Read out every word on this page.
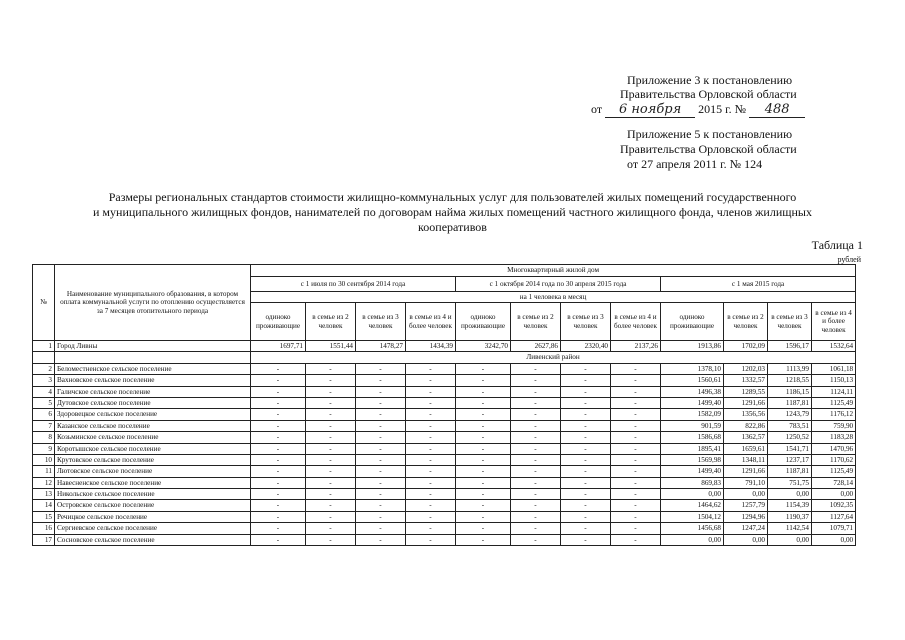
Приложение 3 к постановлению
Правительства Орловской области
от 6 ноября 2015 г. № 488
Приложение 5 к постановлению
Правительства Орловской области
от 27 апреля 2011 г. № 124
Размеры региональных стандартов стоимости жилищно-коммунальных услуг для пользователей жилых помещений государственного
и муниципального жилищных фондов, нанимателей по договорам найма жилых помещений частного жилищного фонда, членов жилищных
кооперативов
Таблица 1
рублей
№	Наименование муниципального образования, в котором оплата коммунальной услуги по отоплению осуществляется за 7 месяцев отопительного периода	Многоквартирный жилой дом											
		с 1 июля по 30 сентября 2014 года				с 1 октября 2014 года по 30 апреля 2015 года				с 1 мая 2015 года			
		на 1 человека в месяц											
		одиноко проживающие	в семье из 2 человек	в семье из 3 человек	в семье из 4 и более человек	одиноко проживающие	в семье из 2 человек	в семье из 3 человек	в семье из 4 и более человек	одиноко проживающие	в семье из 2 человек	в семье из 3 человек	в семье из 4 и более человек
1	Город Ливны	1697,71	1551,44	1478,27	1434,39	3242,70	2627,86	2320,40	2137,26	1913,86	1702,09	1596,17	1532,64
		Ливенский район											
2	Беломестненское сельское поселение	-	-	-	-	-	-	-	-	1378,10	1202,03	1113,99	1061,18
3	Вахновское сельское поселение	-	-	-	-	-	-	-	-	1560,61	1332,57	1218,55	1150,13
4	Галичское сельское поселение	-	-	-	-	-	-	-	-	1496,38	1289,55	1186,15	1124,11
5	Дутовское сельское поселение	-	-	-	-	-	-	-	-	1499,40	1291,66	1187,81	1125,49
6	Здоровецкое сельское поселение	-	-	-	-	-	-	-	-	1582,09	1356,56	1243,79	1176,12
7	Казанское сельское поселение	-	-	-	-	-	-	-	-	901,59	822,86	783,51	759,90
8	Козьминское сельское поселение	-	-	-	-	-	-	-	-	1586,68	1362,57	1250,52	1183,28
9	Коротышское сельское поселение	-	-	-	-	-	-	-	-	1895,41	1659,61	1541,71	1470,96
10	Крутовское сельское поселение	-	-	-	-	-	-	-	-	1569,98	1348,11	1237,17	1170,62
11	Лютовское сельское поселение	-	-	-	-	-	-	-	-	1499,40	1291,66	1187,81	1125,49
12	Навесненское сельское поселение	-	-	-	-	-	-	-	-	869,83	791,10	751,75	728,14
13	Никольское сельское поселение	-	-	-	-	-	-	-	-	0,00	0,00	0,00	0,00
14	Островское сельское поселение	-	-	-	-	-	-	-	-	1464,62	1257,79	1154,39	1092,35
15	Речицкое сельское поселение	-	-	-	-	-	-	-	-	1504,12	1294,96	1190,37	1127,64
16	Сергиевское сельское поселение	-	-	-	-	-	-	-	-	1456,68	1247,24	1142,54	1079,71
17	Сосновское сельское поселение	-	-	-	-	-	-	-	-	0,00	0,00	0,00	0,00
